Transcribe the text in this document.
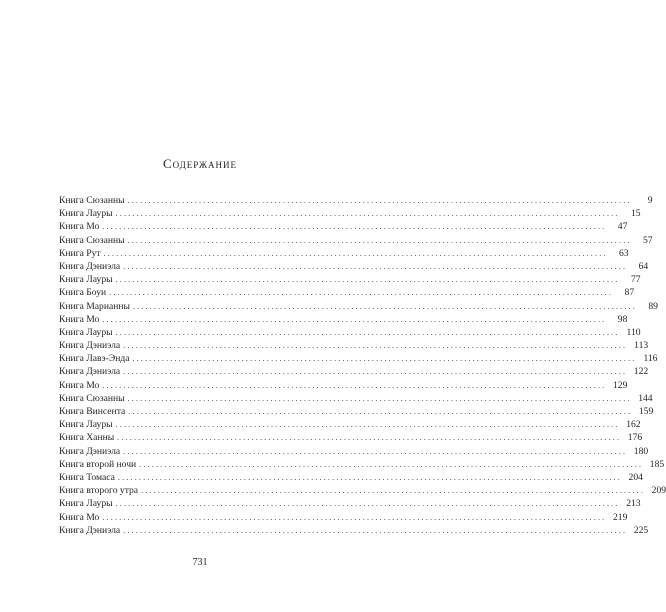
Содержание
Книга Сюзанны ........................................................................................................................	9
Книга Лауры ........................................................................................................................	15
Книга Мо ........................................................................................................................	47
Книга Сюзанны ........................................................................................................................	57
Книга Рут ........................................................................................................................	63
Книга Дэниэла ........................................................................................................................	64
Книга Лауры ........................................................................................................................	77
Книга Боуи ........................................................................................................................	87
Книга Марианны ........................................................................................................................	89
Книга Мо ........................................................................................................................	98
Книга Лауры ........................................................................................................................ 110
Книга Дэниэла ........................................................................................................................ 113
Книга Лавэ-Энда ........................................................................................................................ 116
Книга Дэниэла ........................................................................................................................ 122
Книга Мо ........................................................................................................................ 129
Книга Сюзанны ........................................................................................................................ 144
Книга Винсента ........................................................................................................................ 159
Книга Лауры ........................................................................................................................ 162
Книга Ханны ........................................................................................................................ 176
Книга Дэниэла ........................................................................................................................ 180
Книга второй ночи ........................................................................................................................ 185
Книга Томаса ........................................................................................................................ 204
Книга второго утра ........................................................................................................................ 209
Книга Лауры ........................................................................................................................ 213
Книга Мо ........................................................................................................................ 219
Книга Дэниэла ........................................................................................................................ 225
731
